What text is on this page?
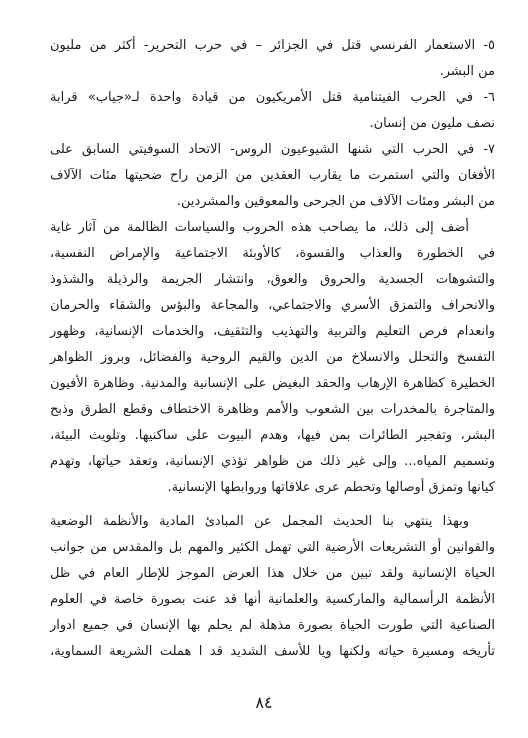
٥- الاستعمار الفرنسي قتل في الجزائر – في حرب التحرير- أكثر من مليون
من البشر.
٦- في الحرب الفيتنامية قتل الأمريكيون من قيادة واحدة لـ«جياب» قرابة
نصف مليون من إنسان.
٧- في الحرب التي شنها الشيوعيون الروس- الاتحاد السوفيتي السابق على
الأفغان والتي استمرت ما يقارب العقدين من الزمن راح ضحيتها مئات الآلاف
من البشر ومئات الآلاف من الجرحى والمعوقين والمشردين.
أضف إلى ذلك، ما يصاحب هذه الحروب والسياسات الظالمة من آثار غاية
في الخطورة والعذاب والقسوة، كالأوبئة الاجتماعية والإمراض النفسية،
والتشوهات الجسدية والحروق والعوق، وانتشار الجريمة والرذيلة والشذوذ
والانحراف والتمزق الأسري والاجتماعي، والمجاعة والبؤس والشقاء والحرمان
وانعدام فرص التعليم والتربية والتهذيب والتثقيف، والخدمات الإنسانية، وظهور
التفسخ والتحلل والانسلاخ من الدين والقيم الروحية والفضائل، وبروز الظواهر
الخطيرة كظاهرة الإرهاب والحقد البغيض على الإنسانية والمدنية. وظاهرة الأفيون
والمتاجرة بالمخدرات بين الشعوب والأمم وظاهرة الاختطاف وقطع الطرق وذبح
البشر، وتفجير الطائرات بمن فيها، وهدم البيوت على ساكنيها. وتلويث البيئة،
وتسميم المياه... وإلى غير ذلك من ظواهر تؤذي الإنسانية، وتعقد حياتها، وتهدم
كيانها وتمزق أوصالها وتحطم عرى علاقاتها وروابطها الإنسانية.
وبهذا ينتهي بنا الحديث المجمل عن المبادئ المادية والأنظمة الوضعية
والقوانين أو التشريعات الأرضية التي تهمل الكثير والمهم بل والمقدس من جوانب
الحياة الإنسانية ولقد تبين من خلال هذا العرض الموجز للإطار العام في ظل
الأنظمة الرأسمالية والماركسية والعلمانية أنها قد عنت بصورة خاصة في العلوم
الصناعية التي طورت الحياة بصورة مذهلة لم يحلم بها الإنسان في جميع ادوار
تأريخه ومسيرة حياته ولكنها ويا للأسف الشديد قد ا هملت الشريعة السماوية،
٨٤
